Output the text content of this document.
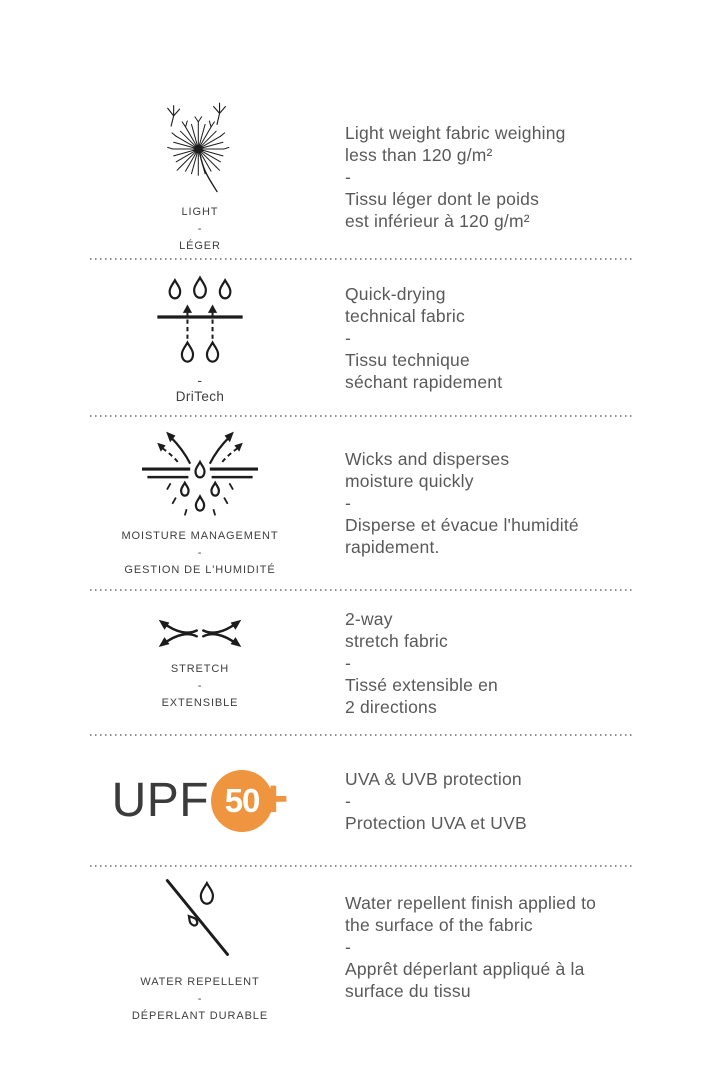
LIGHT
-
LÉGER
Light weight fabric weighing
less than 120 g/m²
-
Tissu léger dont le poids
est inférieur à 120 g/m²
-
DriTech
Quick-drying
technical fabric
-
Tissu technique
séchant rapidement
MOISTURE MANAGEMENT
-
GESTION DE L'HUMIDITÉ
Wicks and disperses
moisture quickly
-
Disperse et évacue l'humidité
rapidement.
STRETCH
-
EXTENSIBLE
2-way
stretch fabric
-
Tissé extensible en
2 directions
UPF 50
+	UVA & UVB protection
-
Protection UVA et UVB
WATER REPELLENT
-
DÉPERLANT DURABLE
Water repellent finish applied to
the surface of the fabric
-
Apprêt déperlant appliqué à la
surface du tissu
